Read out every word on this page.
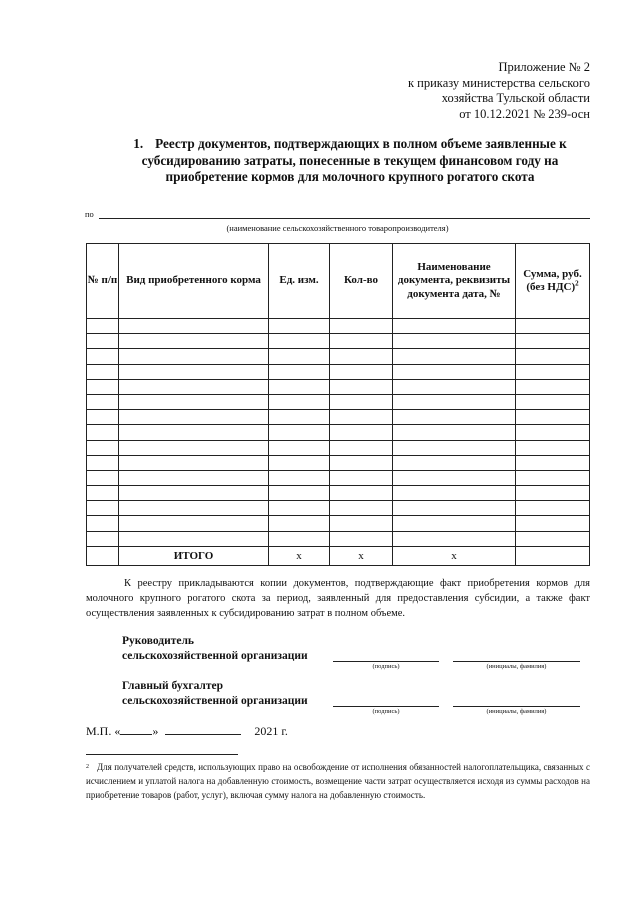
Приложение № 2
к приказу министерства сельского
хозяйства Тульской области
от 10.12.2021 № 239-осн
1. Реестр документов, подтверждающих в полном объеме заявленные к субсидированию затраты, понесенные в текущем финансовом году на приобретение кормов для молочного крупного рогатого скота
по
(наименование сельскохозяйственного товаропроизводителя)
№ п/п	Вид приобретенного корма	Ед. изм.	Кол-во	Наименование документа, реквизиты документа дата, №	Сумма, руб. (без НДС)$^2$

	ИТОГО	х	х	х	
К реестру прикладываются копии документов, подтверждающие факт приобретения кормов для молочного крупного рогатого скота за период, заявленный для предоставления субсидии, а также факт осуществления заявленных к субсидированию затрат в полном объеме.
Руководитель
сельскохозяйственной организации
(подпись)	(инициалы, фамилия)
Главный бухгалтер
сельскохозяйственной организации
(подпись)	(инициалы, фамилия)
М.П. «	»	2021 г.
$^2$ Для получателей средств, использующих право на освобождение от исполнения обязанностей налогоплательщика, связанных с исчислением и уплатой налога на добавленную стоимость, возмещение части затрат осуществляется исходя из суммы расходов на приобретение товаров (работ, услуг), включая сумму налога на добавленную стоимость.
